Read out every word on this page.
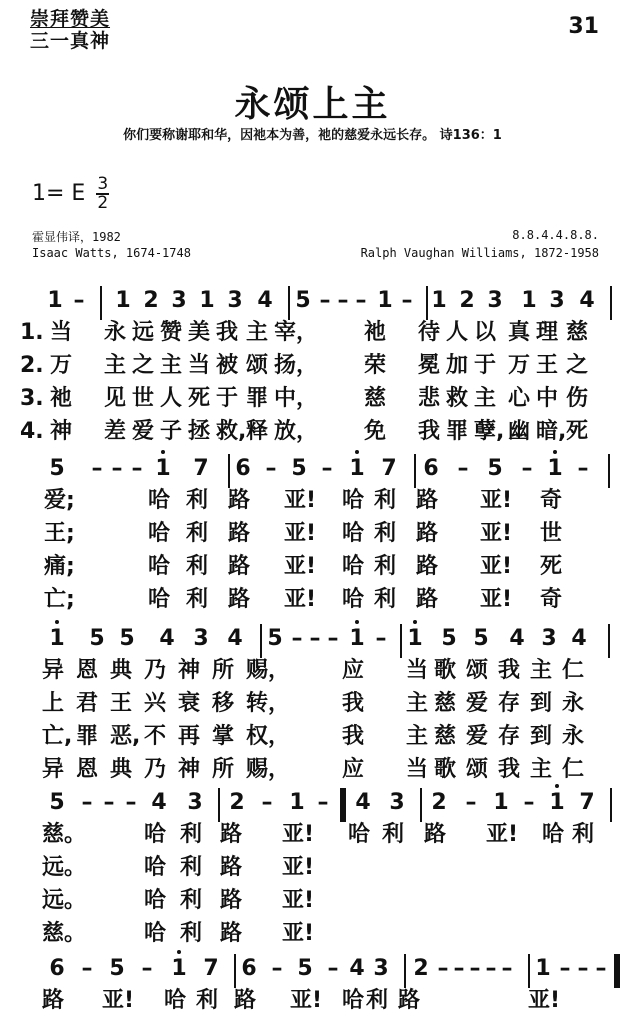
崇拜赞美
三一真神
31
永颂上主
你们要称谢耶和华，因祂本为善，祂的慈爱永远长存。 诗136：1
1= E $\frac{3}{2}$
霍显伟译，1982	8.8.4.4.8.8.
Isaac Watts, 1674-1748	Ralph Vaughan Williams, 1872-1958
1 – 1 2 3 1 3 4 5 – – – 1 – 1 2 3 1 3 4
1. 当 永 远 赞 美 我 主 宰， 祂 待 人 以 真 理 慈
2. 万 主 之 主 当 被 颂 扬， 荣 冕 加 于 万 王 之
3. 祂 见 世 人 死 于 罪 中， 慈 悲 救 主 心 中 伤
4. 神 差 爱 子 拯 救, 释 放， 免 我 罪 孽, 幽 暗, 死
5 – – – 1 7 6 – 5 – 1 7 6 – 5 – 1 –
爱;	哈 利 路 亚!	哈 利 路 亚!	奇
王;	哈 利 路 亚!	哈 利 路 亚!	世
痛;	哈 利 路 亚!	哈 利 路 亚!	死
亡;	哈 利 路 亚!	哈 利 路 亚!	奇
1 5 5 4 3 4 5 – – – 1 – 1 5 5 4 3 4
异 恩 典 乃 神 所 赐， 应 当 歌 颂 我 主 仁
上 君 王 兴 衰 移 转， 我 主 慈 爱 存 到 永
亡, 罪 恶, 不 再 掌 权， 我 主 慈 爱 存 到 永
异 恩 典 乃 神 所 赐， 应 当 歌 颂 我 主 仁
5 – – – 4 3 2 – 1 – 4 3 2 – 1 – 1 7
慈。	哈 利 路 亚!	哈 利 路 亚!	哈 利
远。	哈 利 路 亚!
远。	哈 利 路 亚!
慈。	哈 利 路 亚!
6 – 5 – 1 7 6 – 5 – 4 3 2 – – – – – 1 – – –
路 亚!	哈 利 路 亚! 哈 利 路	亚!
